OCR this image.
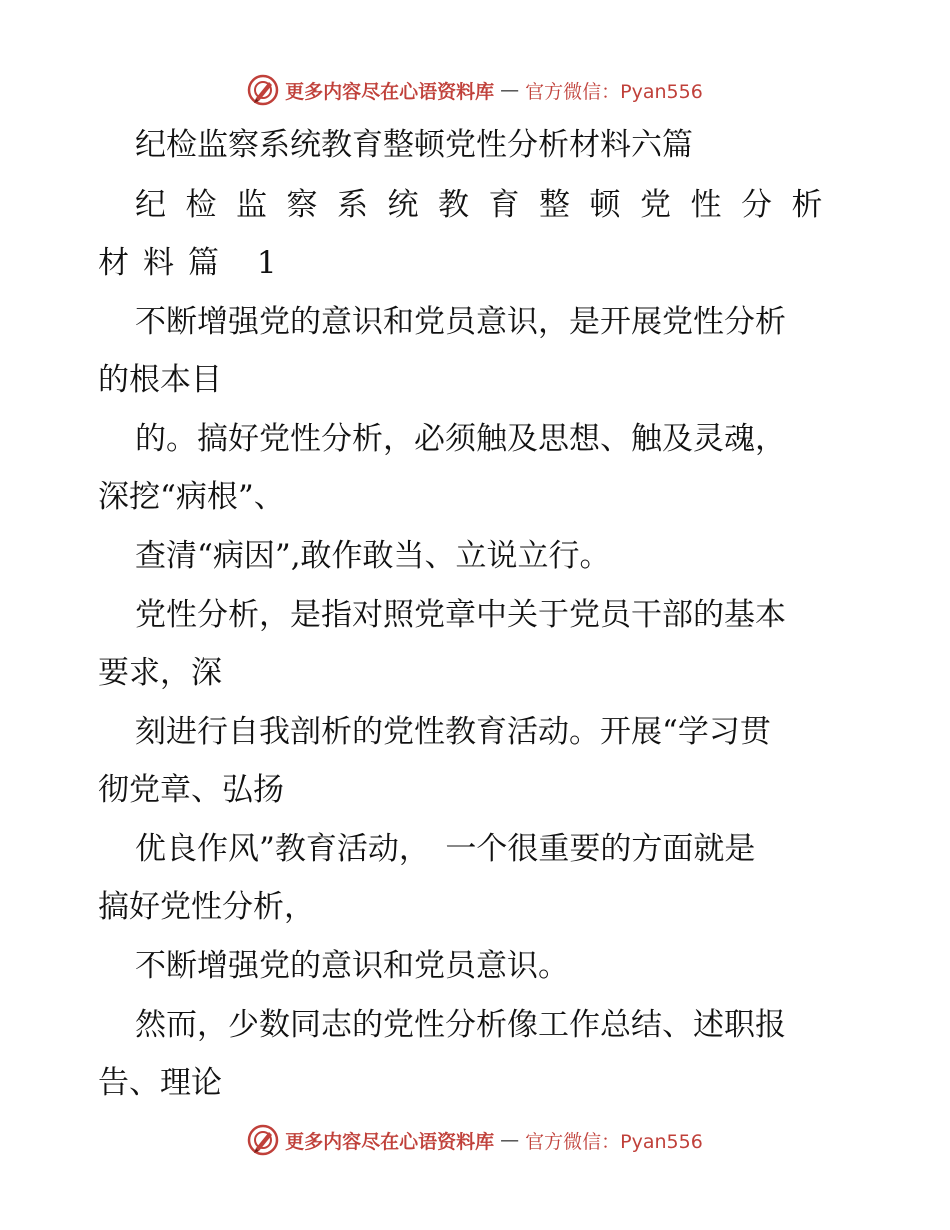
更多内容尽在心语资料库 — 官方微信：Pyan556

纪检监察系统教育整顿党性分析材料六篇

纪检监察系统教育整顿党性分析

材料篇 1

不断增强党的意识和党员意识，是开展党性分析

的根本目

的。搞好党性分析，必须触及思想、触及灵魂，

深挖“病根”、

查清“病因”,敢作敢当、立说立行。

党性分析，是指对照党章中关于党员干部的基本

要求，深

刻进行自我剖析的党性教育活动。开展“学习贯

彻党章、弘扬

优良作风”教育活动，　一个很重要的方面就是

搞好党性分析，

不断增强党的意识和党员意识。

然而，少数同志的党性分析像工作总结、述职报

告、理论

更多内容尽在心语资料库 — 官方微信：Pyan556
